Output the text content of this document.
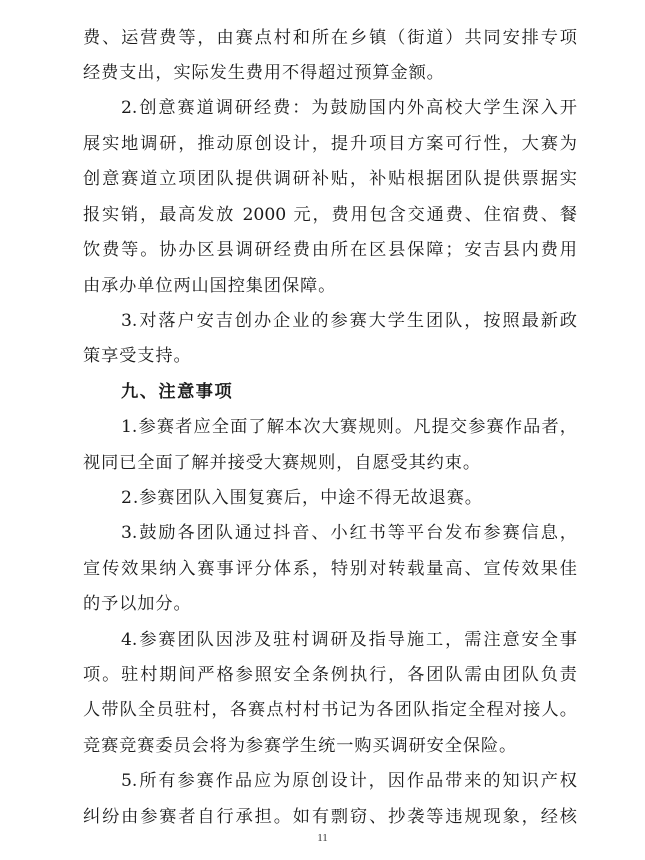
费、运营费等，由赛点村和所在乡镇（街道）共同安排专项
经费支出，实际发生费用不得超过预算金额。
2.创意赛道调研经费：为鼓励国内外高校大学生深入开
展实地调研，推动原创设计，提升项目方案可行性，大赛为
创意赛道立项团队提供调研补贴，补贴根据团队提供票据实
报实销，最高发放 2000 元，费用包含交通费、住宿费、餐
饮费等。协办区县调研经费由所在区县保障；安吉县内费用
由承办单位两山国控集团保障。
3.对落户安吉创办企业的参赛大学生团队，按照最新政
策享受支持。
九、注意事项
1.参赛者应全面了解本次大赛规则。凡提交参赛作品者，
视同已全面了解并接受大赛规则，自愿受其约束。
2.参赛团队入围复赛后，中途不得无故退赛。
3.鼓励各团队通过抖音、小红书等平台发布参赛信息，
宣传效果纳入赛事评分体系，特别对转载量高、宣传效果佳
的予以加分。
4.参赛团队因涉及驻村调研及指导施工，需注意安全事
项。驻村期间严格参照安全条例执行，各团队需由团队负责
人带队全员驻村，各赛点村村书记为各团队指定全程对接人。
竞赛竞赛委员会将为参赛学生统一购买调研安全保险。
5.所有参赛作品应为原创设计，因作品带来的知识产权
纠纷由参赛者自行承担。如有剽窃、抄袭等违规现象，经核
11
